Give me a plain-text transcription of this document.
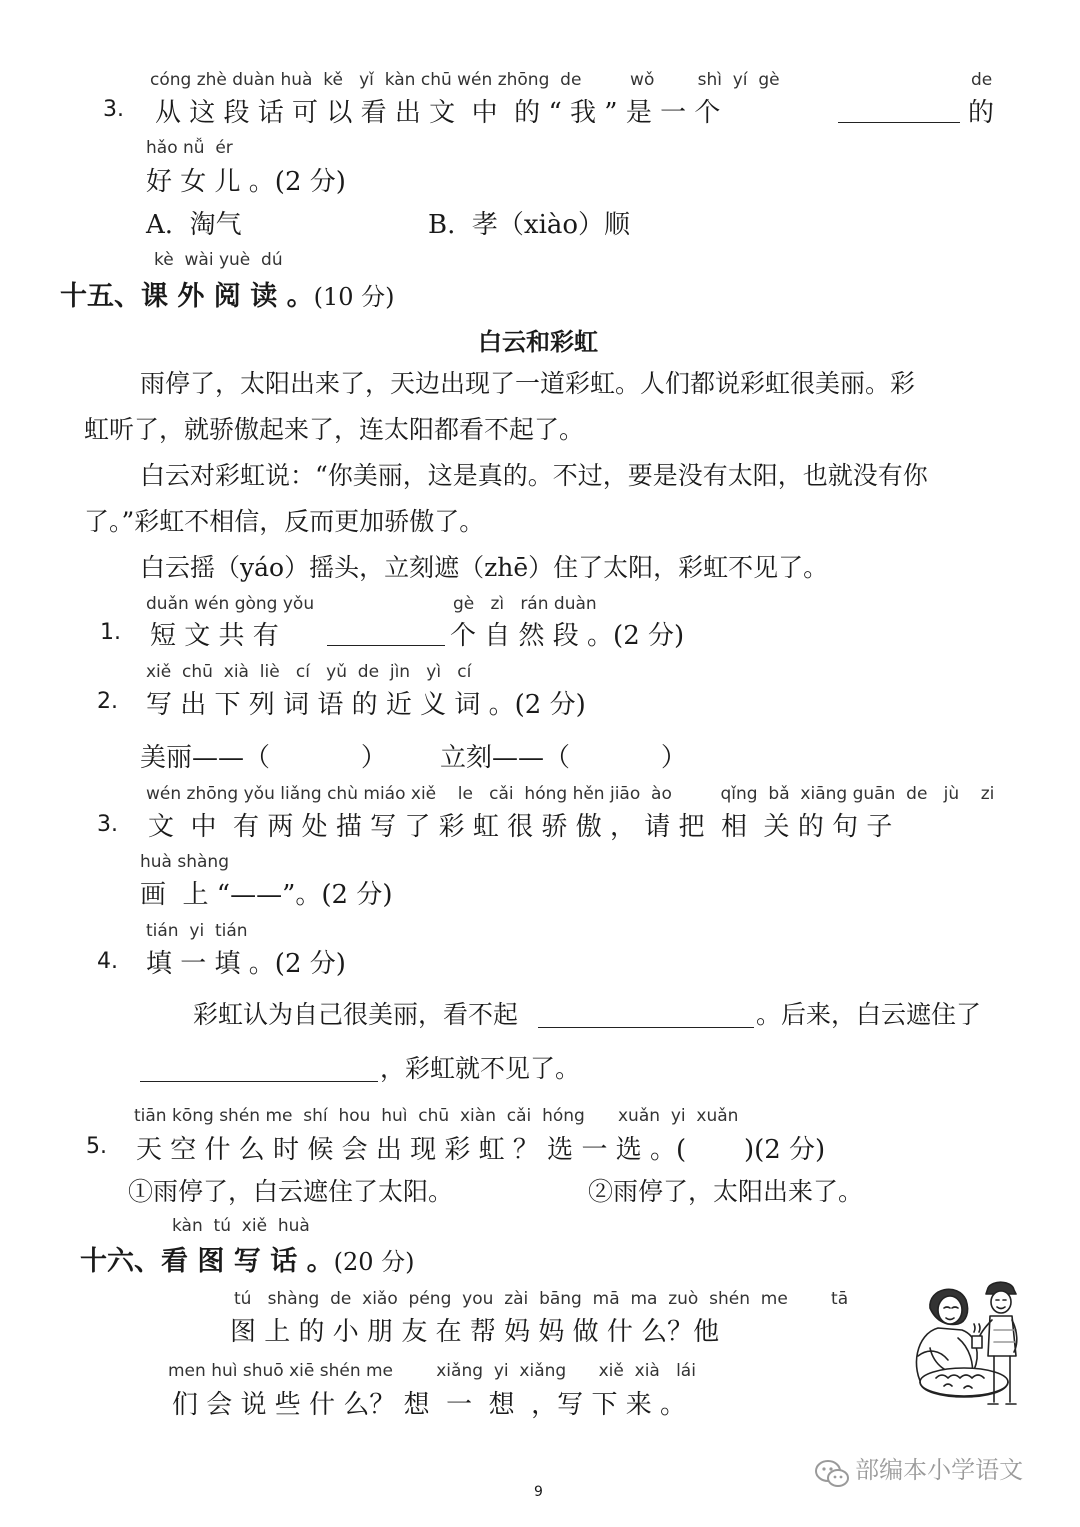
cóng zhè duàn huà  kě   yǐ  kàn chū wén zhōng  de         wǒ        shì  yí  gè	de
3. 从 这 段 话 可 以 看 出 文  中  的 “ 我 ” 是 一 个	的
hǎo nǚ  ér
好 女 儿 。(2 分)
A.  淘气	B.  孝（xiào）顺
kè  wài yuè  dú
十五、课 外 阅 读 。(10 分)
白云和彩虹
雨停了，太阳出来了，天边出现了一道彩虹。人们都说彩虹很美丽。彩
虹听了，就骄傲起来了，连太阳都看不起了。
白云对彩虹说：“你美丽，这是真的。不过，要是没有太阳，也就没有你
了。”彩虹不相信，反而更加骄傲了。
白云摇（yáo）摇头，立刻遮（zhē）住了太阳，彩虹不见了。
duǎn wén gòng yǒu	gè   zì   rán duàn
1. 短 文 共 有	个 自 然 段 。(2 分)
xiě  chū  xià  liè   cí   yǔ  de  jìn   yì   cí
2. 写 出 下 列 词 语 的 近 义 词 。(2 分)
美丽——（           ） 立刻——（           ）
wén zhōng yǒu liǎng chù miáo xiě    le   cǎi  hóng hěn jiāo  ào         qǐng  bǎ  xiāng guān  de   jù    zi
3. 文  中  有 两 处 描 写 了 彩 虹 很 骄 傲 ， 请 把  相  关 的 句 子
huà shàng
画  上 “——”。(2 分)
tián  yi  tián
4. 填 一 填 。(2 分)
彩虹认为自己很美丽，看不起	。后来，白云遮住了
，彩虹就不见了。
tiān kōng shén me  shí  hou  huì  chū  xiàn  cǎi  hóng xuǎn  yi  xuǎn
5. 天 空 什 么 时 候 会 出 现 彩 虹 ？ 选 一 选 。(       )(2 分)
①雨停了，白云遮住了太阳。	②雨停了，太阳出来了。
kàn  tú  xiě  huà
十六、看 图 写 话 。(20 分)
tú   shàng  de  xiǎo  péng  you  zài  bāng  mā  ma  zuò  shén  me        tā
图 上 的 小 朋 友 在 帮 妈 妈 做 什 么？他
men huì shuō xiē shén me        xiǎng  yi  xiǎng      xiě  xià   lái
们 会 说 些 什 么？ 想  一  想  ，写 下 来 。
9
部编本小学语文
